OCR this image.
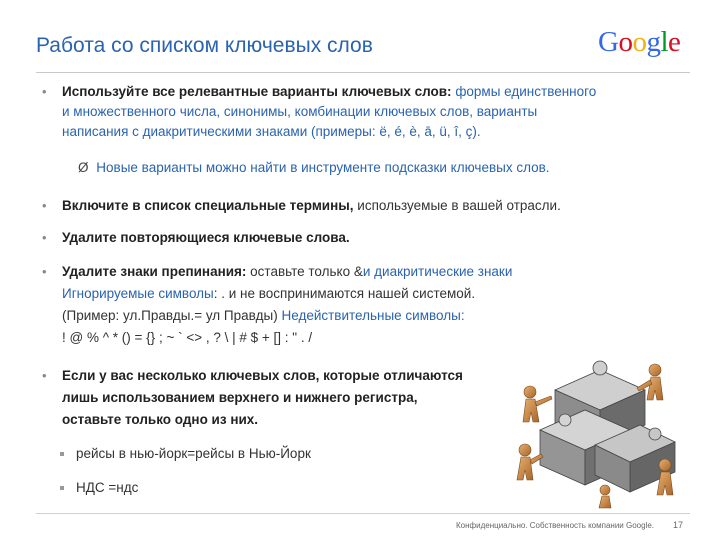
Работа со списком ключевых слов	Google
• Используйте все релевантные варианты ключевых слов: формы единственного
и множественного числа, синонимы, комбинации ключевых слов, варианты
написания с диакритическими знаками (примеры: ë, é, è, ā, ü, î, ç).
Ø Новые варианты можно найти в инструменте подсказки ключевых слов.
• Включите в список специальные термины, используемые в вашей отрасли.
• Удалите повторяющиеся ключевые слова.
• Удалите знаки препинания: оставьте только &и диакритические знаки
Игнорируемые символы: . и не воспринимаются нашей системой.
(Пример: ул.Правды.= ул Правды) Недействительные символы:
! @ % ^ * () = {} ; ~ ` <> , ? \ | # $ + [] : " . /
• Если у вас несколько ключевых слов, которые отличаются
лишь использованием верхнего и нижнего регистра,
оставьте только одно из них.
рейсы в нью-йорк=рейсы в Нью-Йорк
НДС =ндс
Конфиденциально. Собственность компании Google. 17
